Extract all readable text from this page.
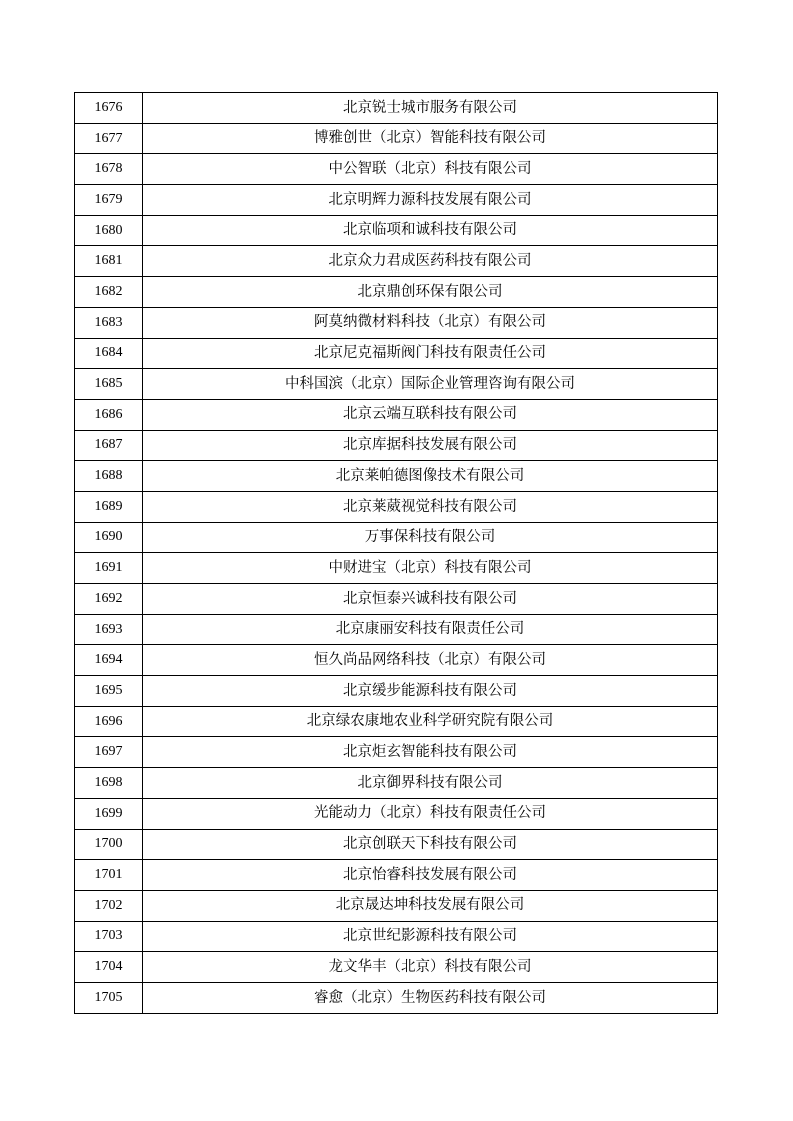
1676	北京锐士城市服务有限公司
1677	博雅创世（北京）智能科技有限公司
1678	中公智联（北京）科技有限公司
1679	北京明辉力源科技发展有限公司
1680	北京临项和诚科技有限公司
1681	北京众力君成医药科技有限公司
1682	北京鼎创环保有限公司
1683	阿莫纳微材料科技（北京）有限公司
1684	北京尼克福斯阀门科技有限责任公司
1685	中科国滨（北京）国际企业管理咨询有限公司
1686	北京云端互联科技有限公司
1687	北京库据科技发展有限公司
1688	北京莱帕德图像技术有限公司
1689	北京莱葳视觉科技有限公司
1690	万事保科技有限公司
1691	中财进宝（北京）科技有限公司
1692	北京恒泰兴诚科技有限公司
1693	北京康丽安科技有限责任公司
1694	恒久尚品网络科技（北京）有限公司
1695	北京缓步能源科技有限公司
1696	北京绿农康地农业科学研究院有限公司
1697	北京炬玄智能科技有限公司
1698	北京御界科技有限公司
1699	光能动力（北京）科技有限责任公司
1700	北京创联天下科技有限公司
1701	北京怡睿科技发展有限公司
1702	北京晟达坤科技发展有限公司
1703	北京世纪影源科技有限公司
1704	龙文华丰（北京）科技有限公司
1705	睿愈（北京）生物医药科技有限公司
